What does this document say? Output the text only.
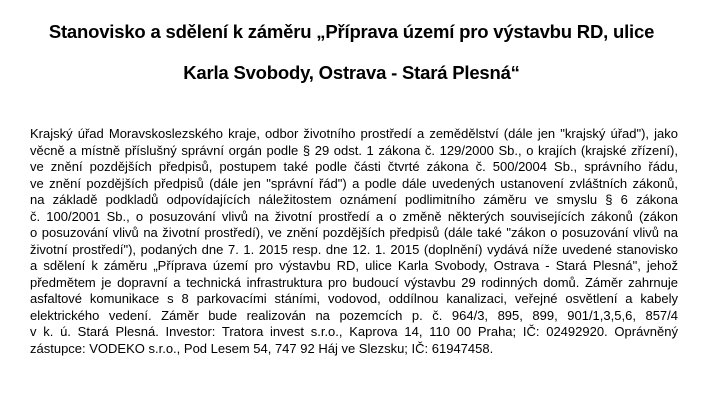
Stanovisko a sdělení k záměru „Příprava území pro výstavbu RD, ulice
Karla Svobody, Ostrava - Stará Plesná“
Krajský úřad Moravskoslezského kraje, odbor životního prostředí a zemědělství (dále jen "krajský úřad"), jako
věcně a místně příslušný správní orgán podle § 29 odst. 1 zákona č. 129/2000 Sb., o krajích (krajské zřízení),
ve znění pozdějších předpisů, postupem také podle části čtvrté zákona č. 500/2004 Sb., správního řádu,
ve znění pozdějších předpisů (dále jen "správní řád") a podle dále uvedených ustanovení zvláštních zákonů,
na základě podkladů odpovídajících náležitostem oznámení podlimitního záměru ve smyslu § 6 zákona
č. 100/2001 Sb., o posuzování vlivů na životní prostředí a o změně některých souvisejících zákonů (zákon
o posuzování vlivů na životní prostředí), ve znění pozdějších předpisů (dále také "zákon o posuzování vlivů na
životní prostředí"), podaných dne 7. 1. 2015 resp. dne 12. 1. 2015 (doplnění) vydává níže uvedené stanovisko
a sdělení k záměru „Příprava území pro výstavbu RD, ulice Karla Svobody, Ostrava - Stará Plesná", jehož
předmětem je dopravní a technická infrastruktura pro budoucí výstavbu 29 rodinných domů. Záměr zahrnuje
asfaltové komunikace s 8 parkovacími stáními, vodovod, oddílnou kanalizaci, veřejné osvětlení a kabely
elektrického vedení. Záměr bude realizován na pozemcích p. č. 964/3, 895, 899, 901/1,3,5,6, 857/4
v k. ú. Stará Plesná. Investor: Tratora invest s.r.o., Kaprova 14, 110 00 Praha; IČ: 02492920. Oprávněný
zástupce: VODEKO s.r.o., Pod Lesem 54, 747 92 Háj ve Slezsku; IČ: 61947458.
